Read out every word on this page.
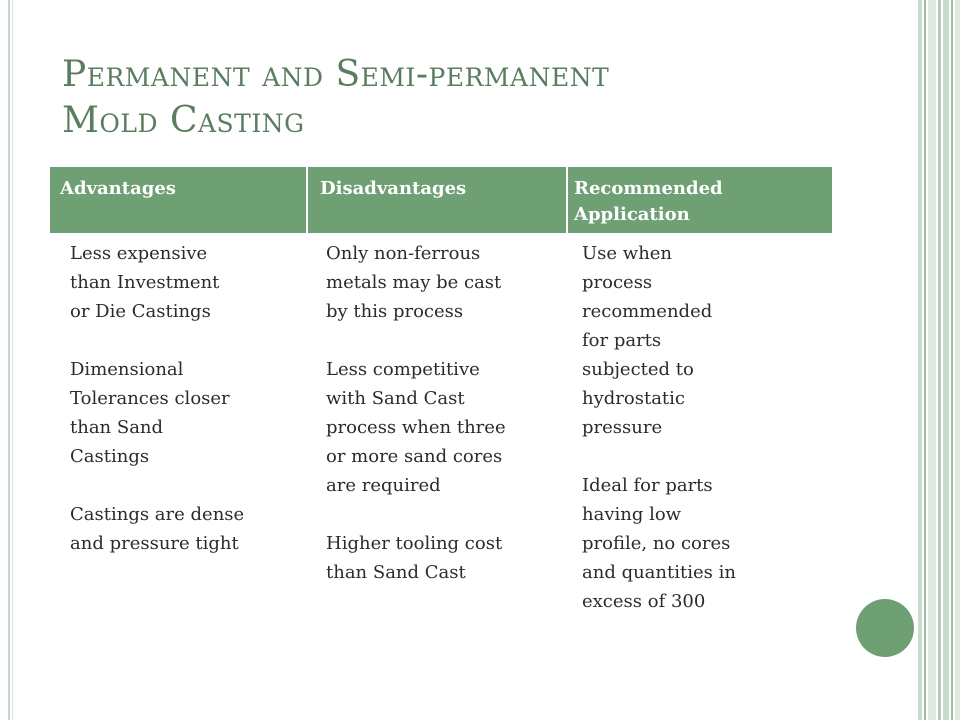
Permanent and Semi-permanent
Mold Casting
Advantages	Disadvantages	Recommended
Application

Less expensive
than Investment
or Die Castings

Dimensional
Tolerances closer
than Sand
Castings

Castings are dense
and pressure tight

Only non-ferrous
metals may be cast
by this process

Less competitive
with Sand Cast
process when three
or more sand cores
are required

Higher tooling cost
than Sand Cast

Use when
process
recommended
for parts
subjected to
hydrostatic
pressure

Ideal for parts
having low
profile, no cores
and quantities in
excess of 300
